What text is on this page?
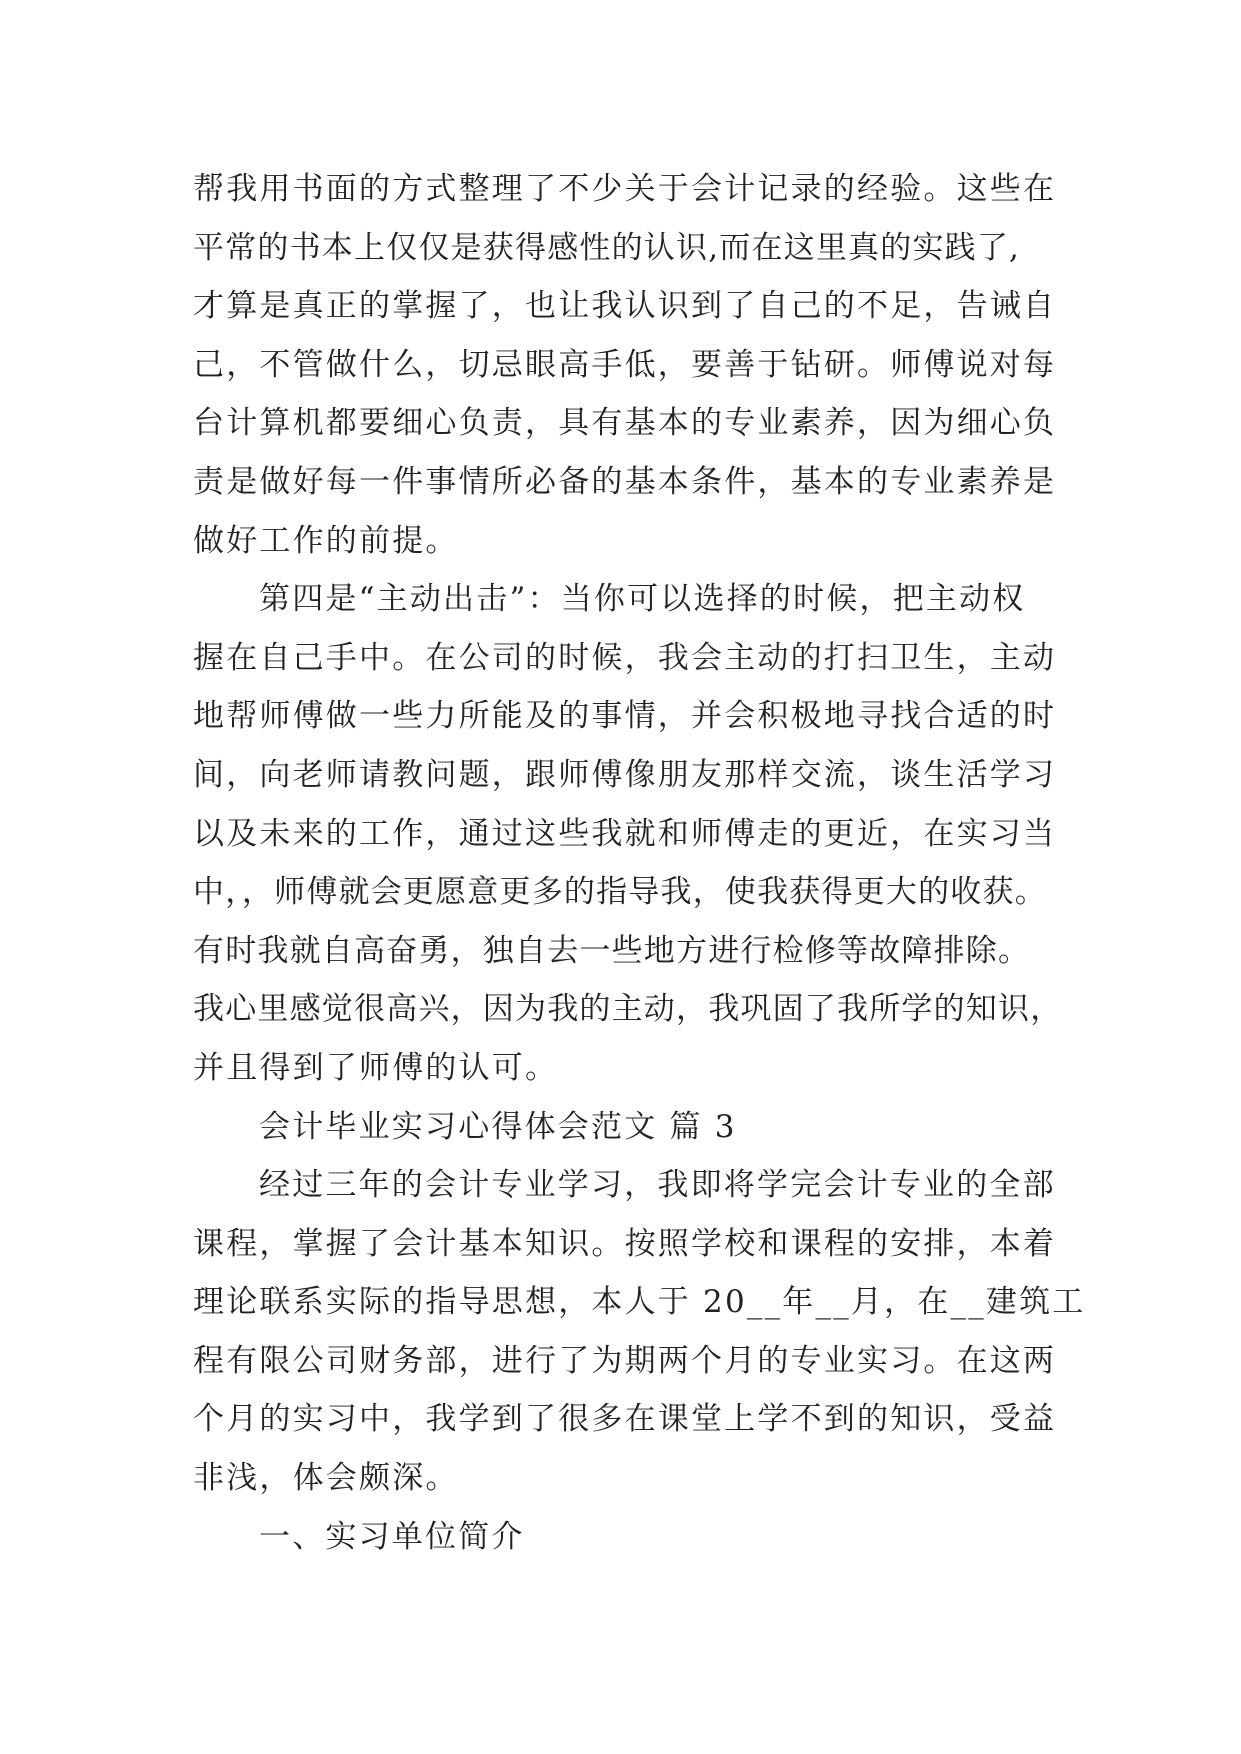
帮我用书面的方式整理了不少关于会计记录的经验。这些在
平常的书本上仅仅是获得感性的认识,而在这里真的实践了,
才算是真正的掌握了，也让我认识到了自己的不足，告诫自
己，不管做什么，切忌眼高手低，要善于钻研。师傅说对每
台计算机都要细心负责，具有基本的专业素养，因为细心负
责是做好每一件事情所必备的基本条件，基本的专业素养是
做好工作的前提。
第四是“主动出击”：当你可以选择的时候，把主动权
握在自己手中。在公司的时候，我会主动的打扫卫生，主动
地帮师傅做一些力所能及的事情，并会积极地寻找合适的时
间，向老师请教问题，跟师傅像朋友那样交流，谈生活学习
以及未来的工作，通过这些我就和师傅走的更近，在实习当
中，，师傅就会更愿意更多的指导我，使我获得更大的收获。
有时我就自高奋勇，独自去一些地方进行检修等故障排除。
我心里感觉很高兴，因为我的主动，我巩固了我所学的知识，
并且得到了师傅的认可。
会计毕业实习心得体会范文 篇 3
经过三年的会计专业学习，我即将学完会计专业的全部
课程，掌握了会计基本知识。按照学校和课程的安排，本着
理论联系实际的指导思想，本人于 20__年__月，在__建筑工
程有限公司财务部，进行了为期两个月的专业实习。在这两
个月的实习中，我学到了很多在课堂上学不到的知识，受益
非浅，体会颇深。
一、实习单位简介
